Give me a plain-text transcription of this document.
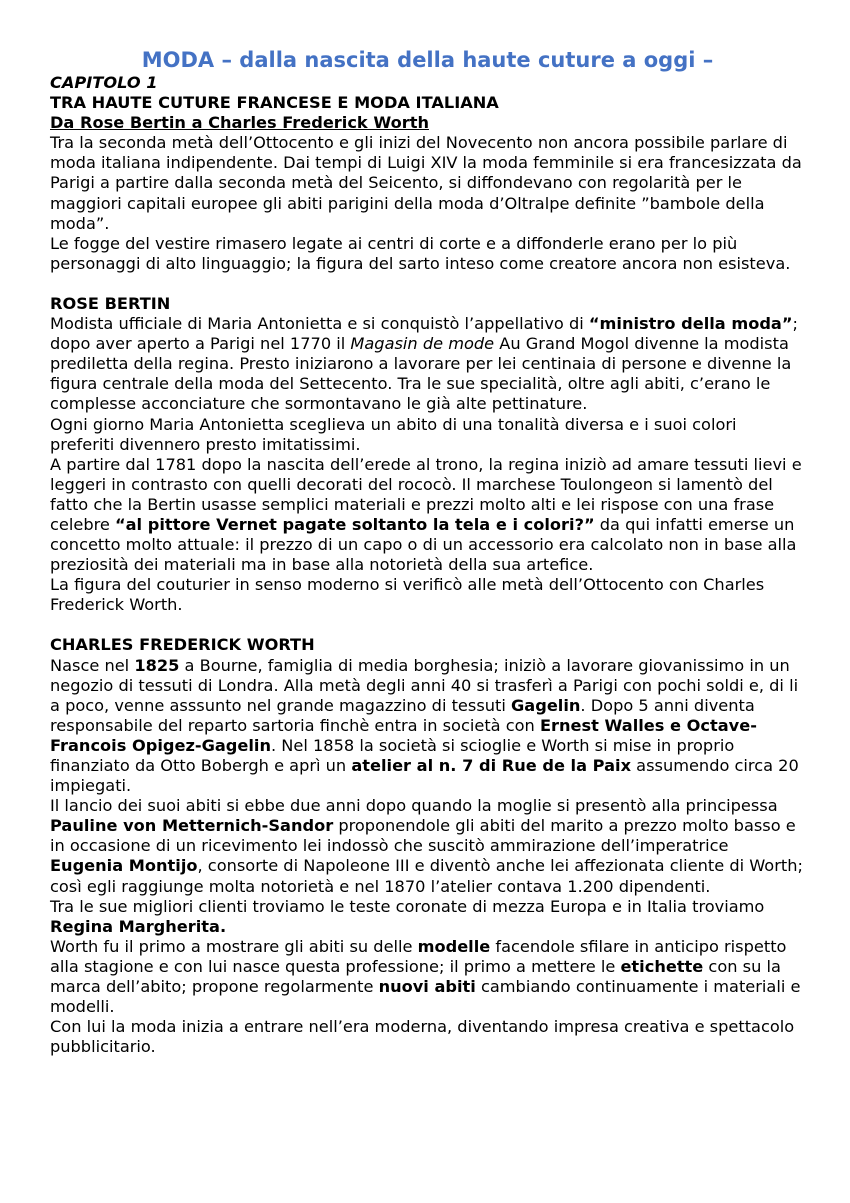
MODA – dalla nascita della haute cuture a oggi –
CAPITOLO 1
TRA HAUTE CUTURE FRANCESE E MODA ITALIANA
Da Rose Bertin a Charles Frederick Worth

Tra la seconda metà dell’Ottocento e gli inizi del Novecento non ancora possibile parlare di moda italiana indipendente. Dai tempi di Luigi XIV la moda femminile si era francesizzata da Parigi a partire dalla seconda metà del Seicento, si diffondevano con regolarità per le maggiori capitali europee gli abiti parigini della moda d’Oltralpe definite ”bambole della moda”.

Le fogge del vestire rimasero legate ai centri di corte e a diffonderle erano per lo più personaggi di alto linguaggio; la figura del sarto inteso come creatore ancora non esisteva.

ROSE BERTIN

Modista ufficiale di Maria Antonietta e si conquistò l’appellativo di “ministro della moda”; dopo aver aperto a Parigi nel 1770 il Magasin de mode Au Grand Mogol divenne la modista prediletta della regina. Presto iniziarono a lavorare per lei centinaia di persone e divenne la figura centrale della moda del Settecento. Tra le sue specialità, oltre agli abiti, c’erano le complesse acconciature che sormontavano le già alte pettinature.

Ogni giorno Maria Antonietta sceglieva un abito di una tonalità diversa e i suoi colori preferiti divennero presto imitatissimi.

A partire dal 1781 dopo la nascita dell’erede al trono, la regina iniziò ad amare tessuti lievi e leggeri in contrasto con quelli decorati del rococò. Il marchese Toulongeon si lamentò del fatto che la Bertin usasse semplici materiali e prezzi molto alti e lei rispose con una frase celebre “al pittore Vernet pagate soltanto la tela e i colori?” da qui infatti emerse un concetto molto attuale: il prezzo di un capo o di un accessorio era calcolato non in base alla preziosità dei materiali ma in base alla notorietà della sua artefice.

La figura del couturier in senso moderno si verificò alle metà dell’Ottocento con Charles Frederick Worth.

CHARLES FREDERICK WORTH

Nasce nel 1825 a Bourne, famiglia di media borghesia; iniziò a lavorare giovanissimo in un negozio di tessuti di Londra. Alla metà degli anni 40 si trasferì a Parigi con pochi soldi e, di li a poco, venne asssunto nel grande magazzino di tessuti Gagelin. Dopo 5 anni diventa responsabile del reparto sartoria finchè entra in società con Ernest Walles e Octave-Francois Opigez-Gagelin. Nel 1858 la società si scioglie e Worth si mise in proprio finanziato da Otto Bobergh e aprì un atelier al n. 7 di Rue de la Paix assumendo circa 20 impiegati.

Il lancio dei suoi abiti si ebbe due anni dopo quando la moglie si presentò alla principessa Pauline von Metternich-Sandor proponendole gli abiti del marito a prezzo molto basso e in occasione di un ricevimento lei indossò che suscitò ammirazione dell’imperatrice Eugenia Montijo, consorte di Napoleone III e diventò anche lei affezionata cliente di Worth; così egli raggiunge molta notorietà e nel 1870 l’atelier contava 1.200 dipendenti.

Tra le sue migliori clienti troviamo le teste coronate di mezza Europa e in Italia troviamo Regina Margherita.

Worth fu il primo a mostrare gli abiti su delle modelle facendole sfilare in anticipo rispetto alla stagione e con lui nasce questa professione; il primo a mettere le etichette con su la marca dell’abito; propone regolarmente nuovi abiti cambiando continuamente i materiali e modelli.

Con lui la moda inizia a entrare nell’era moderna, diventando impresa creativa e spettacolo pubblicitario.
